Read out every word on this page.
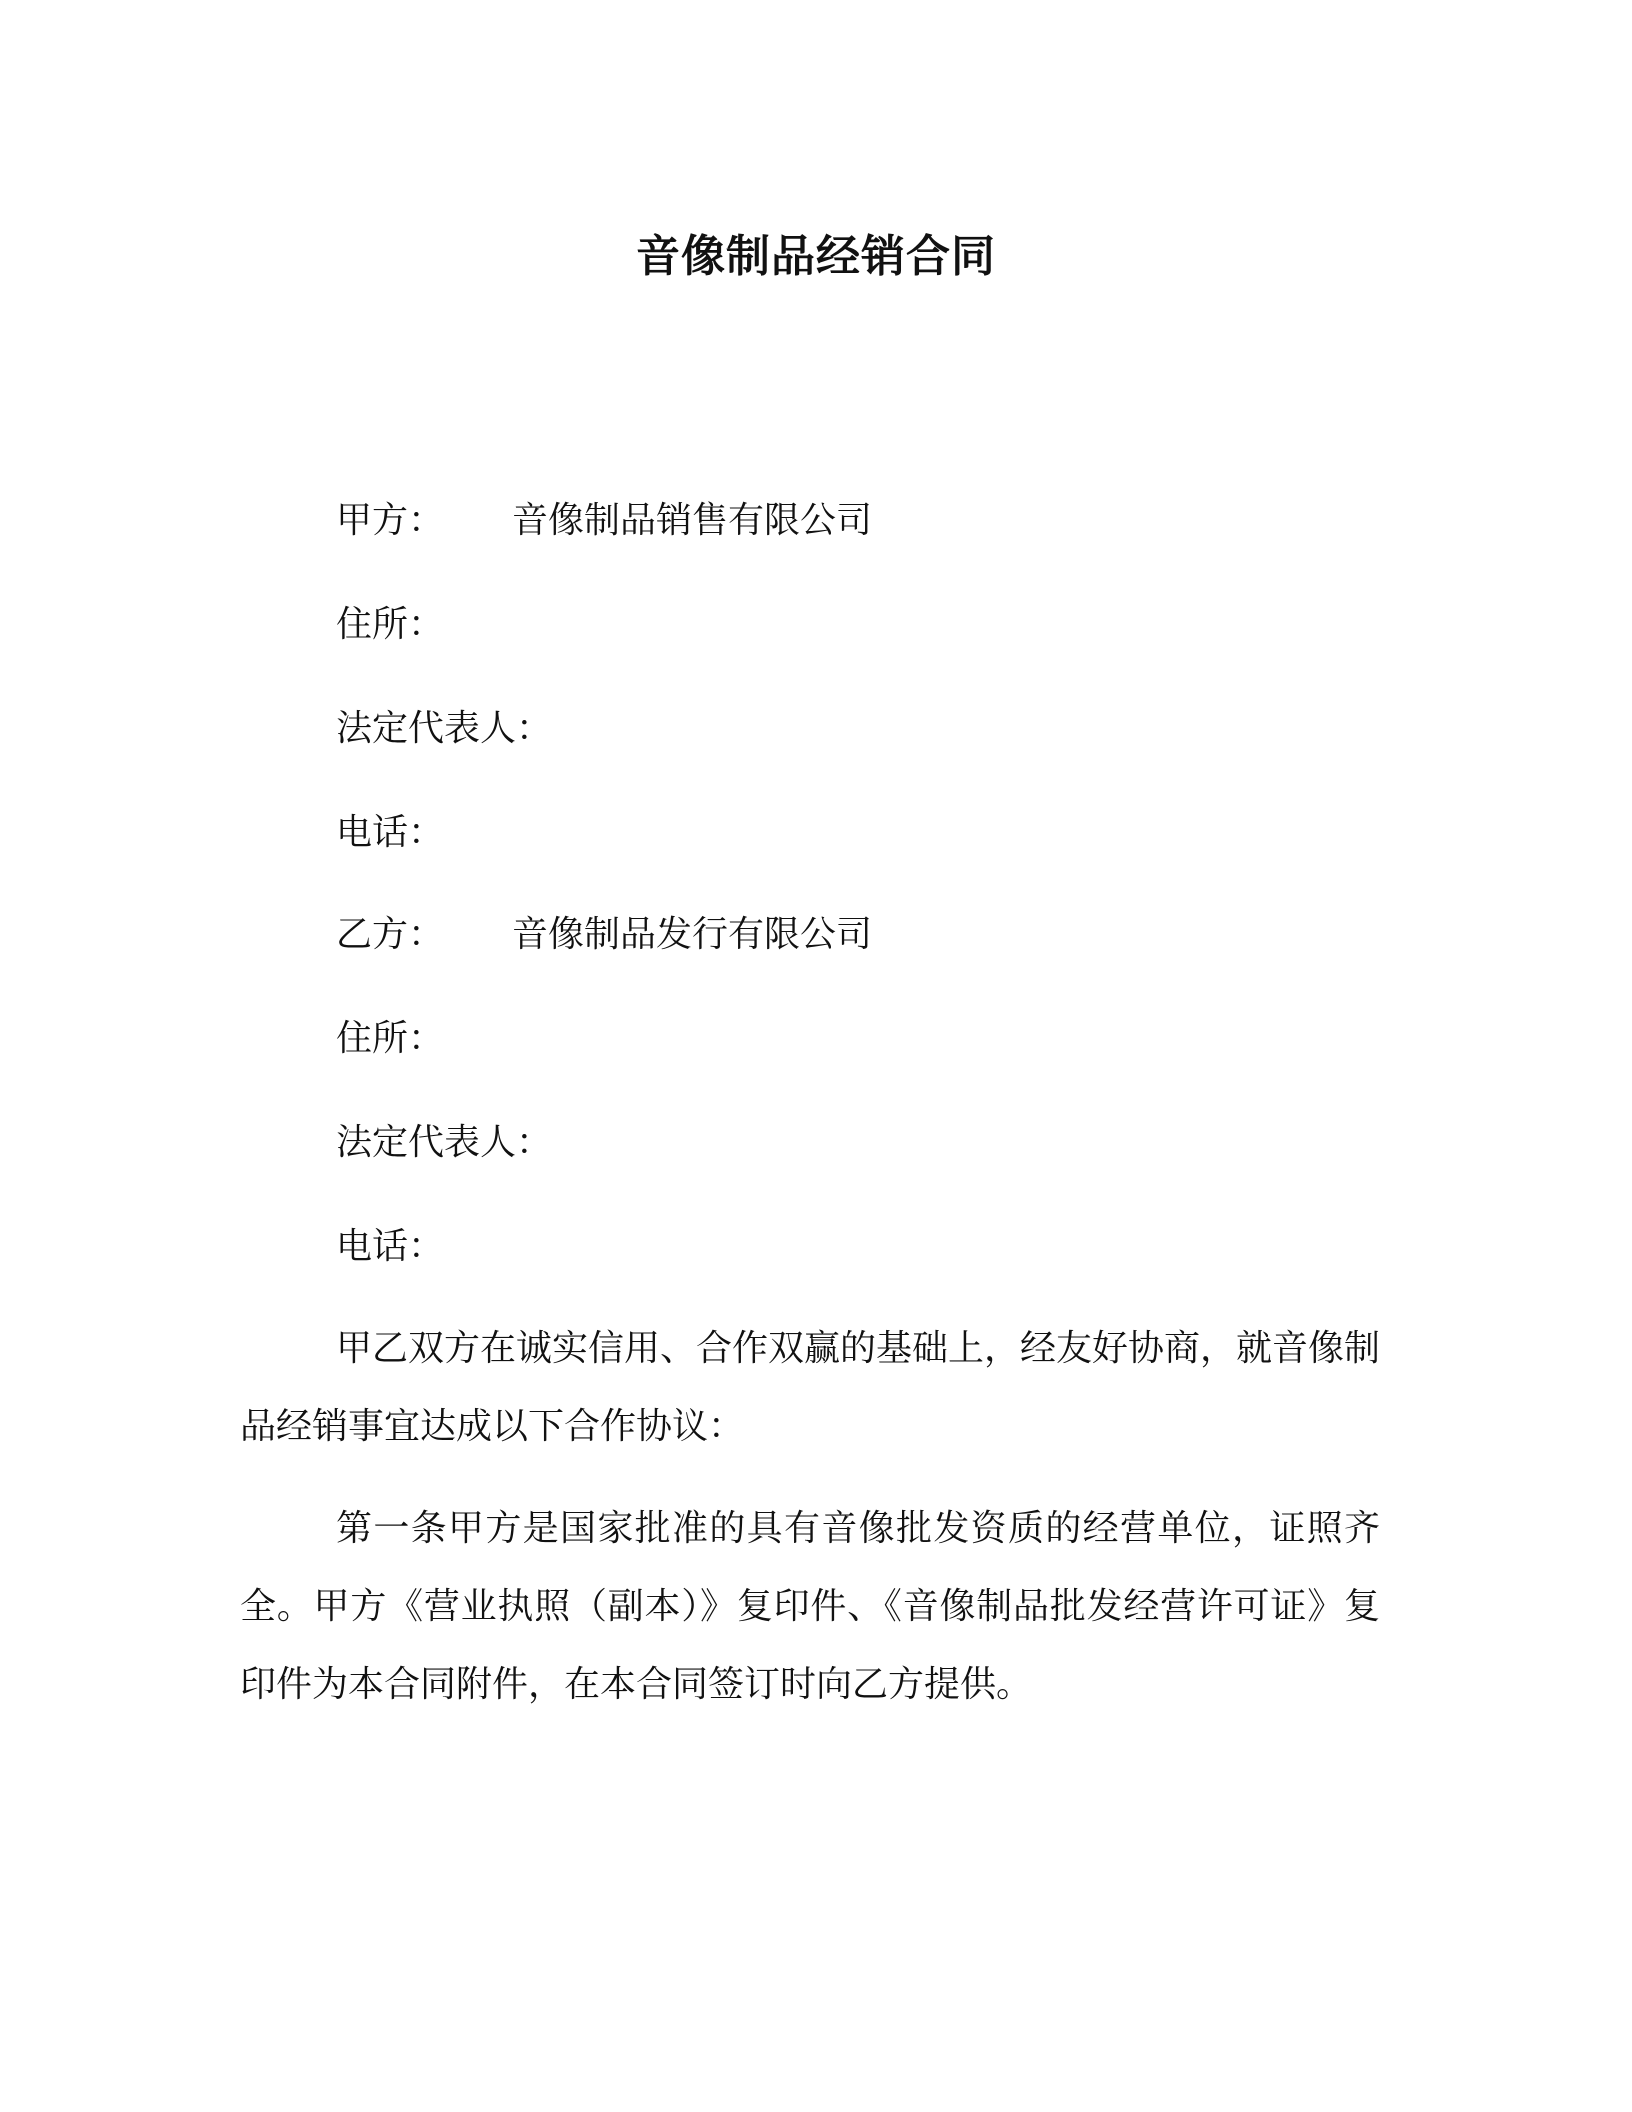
音像制品经销合同
甲方： 音像制品销售有限公司
住所：
法定代表人：
电话：
乙方： 音像制品发行有限公司
住所：
法定代表人：
电话：
甲乙双方在诚实信用、合作双赢的基础上，经友好协商，就音像制品经销事宜达成以下合作协议：
第一条甲方是国家批准的具有音像批发资质的经营单位，证照齐全。甲方《营业执照（副本）》复印件、《音像制品批发经营许可证》复印件为本合同附件，在本合同签订时向乙方提供。
